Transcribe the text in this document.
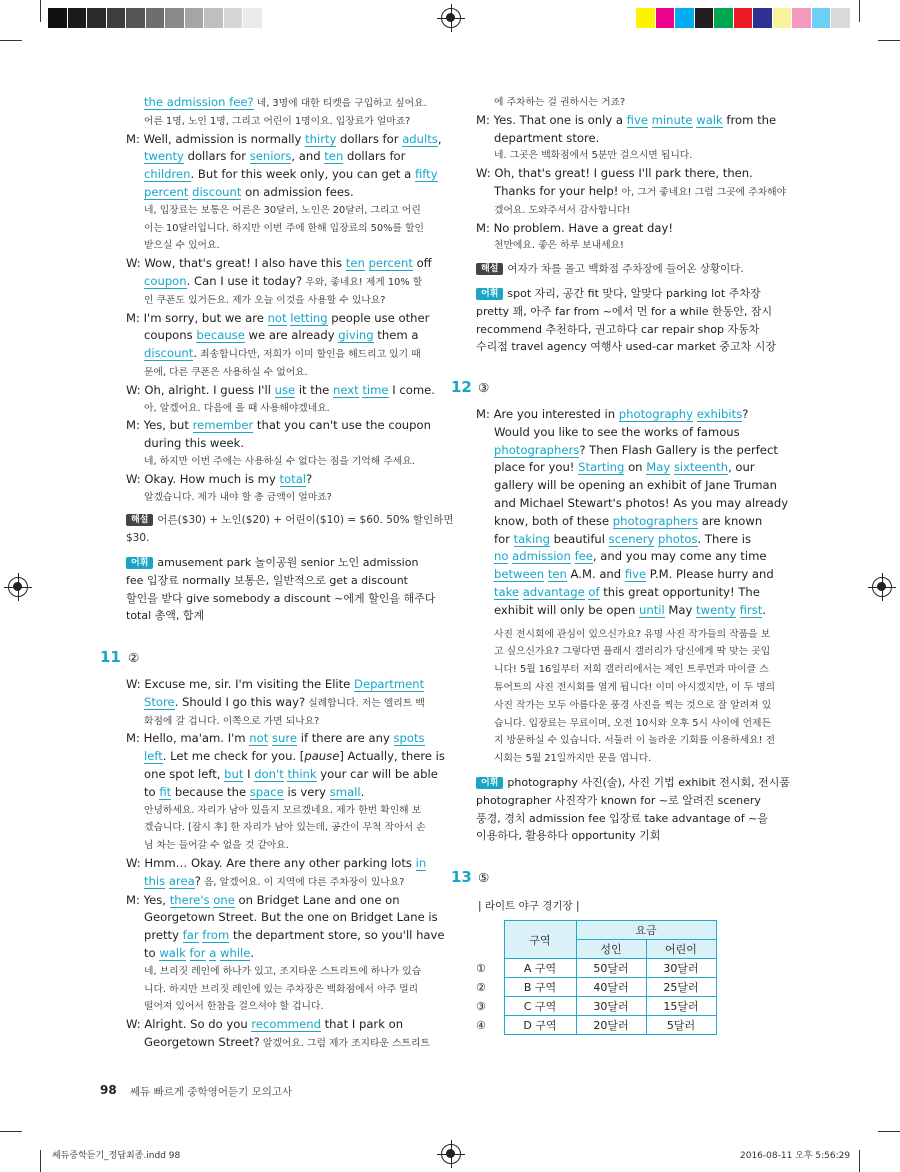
the admission fee? 네, 3명에 대한 티켓을 구입하고 싶어요.
어른 1명, 노인 1명, 그리고 어린이 1명이요. 입장료가 얼마죠?
M: Well, admission is normally thirty dollars for adults,
twenty dollars for seniors, and ten dollars for
children. But for this week only, you can get a fifty
percent discount on admission fees.
네, 입장료는 보통은 어른은 30달러, 노인은 20달러, 그리고 어린
이는 10달러입니다. 하지만 이번 주에 한해 입장료의 50%를 할인
받으실 수 있어요.
W: Wow, that's great! I also have this ten percent off
coupon. Can I use it today? 우와, 좋네요! 제게 10% 할
인 쿠폰도 있거든요. 제가 오늘 이것을 사용할 수 있나요?
M: I'm sorry, but we are not letting people use other
coupons because we are already giving them a
discount. 죄송합니다만, 저희가 이미 할인을 해드리고 있기 때
문에, 다른 쿠폰은 사용하실 수 없어요.
W: Oh, alright. I guess I'll use it the next time I come.
아, 알겠어요. 다음에 올 때 사용해야겠네요.
M: Yes, but remember that you can't use the coupon
during this week.
네, 하지만 이번 주에는 사용하실 수 없다는 점을 기억해 주세요.
W: Okay. How much is my total?
알겠습니다. 제가 내야 할 총 금액이 얼마죠?
해설 어른($30) + 노인($20) + 어린이($10) = $60. 50% 할인하면
$30.
어휘 amusement park 놀이공원 senior 노인 admission
fee 입장료 normally 보통은, 일반적으로 get a discount
할인을 받다 give somebody a discount ~에게 할인을 해주다
total 총액, 합계
11 ②
W: Excuse me, sir. I'm visiting the Elite Department
Store. Should I go this way? 실례합니다. 저는 엘리트 백
화점에 갈 겁니다. 이쪽으로 가면 되나요?
M: Hello, ma'am. I'm not sure if there are any spots
left. Let me check for you. [pause] Actually, there is
one spot left, but I don't think your car will be able
to fit because the space is very small.
안녕하세요. 자리가 남아 있을지 모르겠네요. 제가 한번 확인해 보
겠습니다. [잠시 후] 한 자리가 남아 있는데, 공간이 무척 작아서 손
님 차는 들어갈 수 없을 것 같아요.
W: Hmm… Okay. Are there any other parking lots in
this area? 음, 알겠어요. 이 지역에 다른 주차장이 있나요?
M: Yes, there's one on Bridget Lane and one on
Georgetown Street. But the one on Bridget Lane is
pretty far from the department store, so you'll have
to walk for a while.
네, 브리짓 레인에 하나가 있고, 조지타운 스트리트에 하나가 있습
니다. 하지만 브리짓 레인에 있는 주차장은 백화점에서 아주 멀리
떨어져 있어서 한참을 걸으셔야 할 겁니다.
W: Alright. So do you recommend that I park on
Georgetown Street? 알겠어요. 그럼 제가 조지타운 스트리트
에 주차하는 걸 권하시는 거죠?
M: Yes. That one is only a five minute walk from the
department store.
네. 그곳은 백화점에서 5분만 걸으시면 됩니다.
W: Oh, that's great! I guess I'll park there, then.
Thanks for your help! 아, 그거 좋네요! 그럼 그곳에 주차해야
겠어요. 도와주셔서 감사합니다!
M: No problem. Have a great day!
천만에요. 좋은 하루 보내세요!
해설 여자가 차를 몰고 백화점 주차장에 들어온 상황이다.
어휘 spot 자리, 공간 fit 맞다, 알맞다 parking lot 주차장
pretty 꽤, 아주 far from ~에서 먼 for a while 한동안, 잠시
recommend 추천하다, 권고하다 car repair shop 자동차
수리점 travel agency 여행사 used-car market 중고차 시장
12 ③
M: Are you interested in photography exhibits?
Would you like to see the works of famous
photographers? Then Flash Gallery is the perfect
place for you! Starting on May sixteenth, our
gallery will be opening an exhibit of Jane Truman
and Michael Stewart's photos! As you may already
know, both of these photographers are known
for taking beautiful scenery photos. There is
no admission fee, and you may come any time
between ten A.M. and five P.M. Please hurry and
take advantage of this great opportunity! The
exhibit will only be open until May twenty first.
사진 전시회에 관심이 있으신가요? 유명 사진 작가들의 작품을 보
고 싶으신가요? 그렇다면 플래시 갤러리가 당신에게 딱 맞는 곳입
니다! 5월 16일부터 저희 갤러리에서는 제인 트루먼과 마이클 스
튜어트의 사진 전시회를 열게 됩니다! 이미 아시겠지만, 이 두 명의
사진 작가는 모두 아름다운 풍경 사진을 찍는 것으로 잘 알려져 있
습니다. 입장료는 무료이며, 오전 10시와 오후 5시 사이에 언제든
지 방문하실 수 있습니다. 서둘러 이 놀라운 기회를 이용하세요! 전
시회는 5월 21일까지만 문을 엽니다.
어휘 photography 사진(술), 사진 기법 exhibit 전시회, 전시품
photographer 사진작가 known for ~로 알려진 scenery
풍경, 경치 admission fee 입장료 take advantage of ~을
이용하다, 활용하다 opportunity 기회
13 ⑤
| 라이트 야구 경기장 |
	구역	요금	
		성인	어린이
①	A 구역	50달러	30달러
②	B 구역	40달러	25달러
③	C 구역	30달러	15달러
④	D 구역	20달러	5달러
98 쎄듀 빠르게 중학영어듣기 모의고사
쎄듀중학듣기_정답최종.indd 98	2016-08-11 오후 5:56:29
